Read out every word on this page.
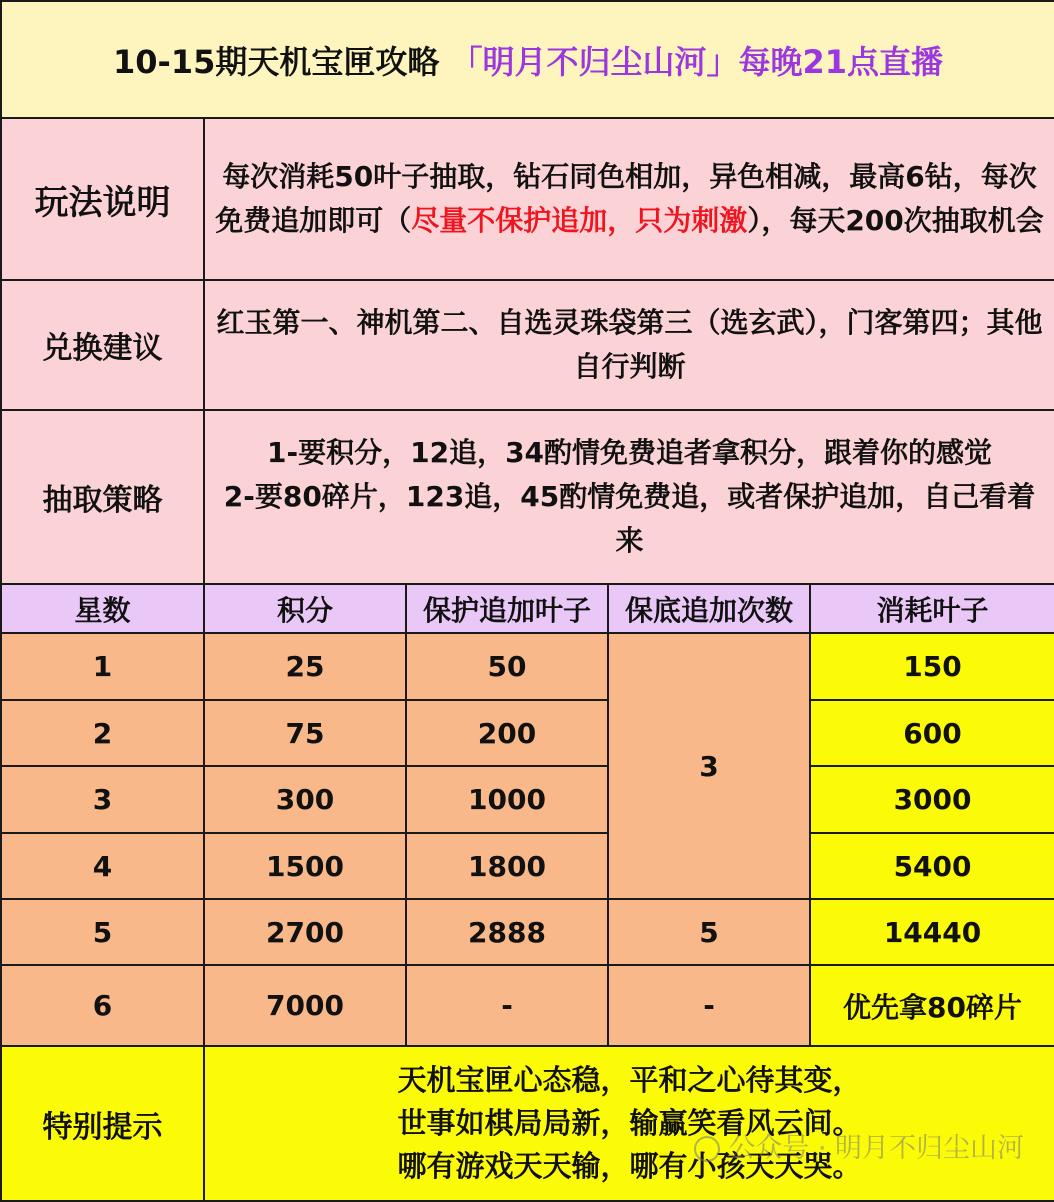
10-15期天机宝匣攻略 「明月不归尘山河」每晚21点直播				
玩法说明	每次消耗50叶子抽取，钻石同色相加，异色相减，最高6钻，每次免费追加即可（尽量不保护追加，只为刺激），每天200次抽取机会			
兑换建议	红玉第一、神机第二、自选灵珠袋第三（选玄武），门客第四；其他自行判断			
抽取策略	1-要积分，12追，34酌情免费追者拿积分，跟着你的感觉
2-要80碎片，123追，45酌情免费追，或者保护追加，自己看着来			
星数	积分	保护追加叶子	保底追加次数	消耗叶子
1	25	50	3	150
2	75	200		600
3	300	1000		3000
4	1500	1800		5400
5	2700	2888	5	14440
6	7000	-	-	优先拿80碎片
特别提示	天机宝匣心态稳，平和之心待其变，
世事如棋局局新，输赢笑看风云间。
哪有游戏天天输，哪有小孩天天哭。
公众号 · 明月不归尘山河			
